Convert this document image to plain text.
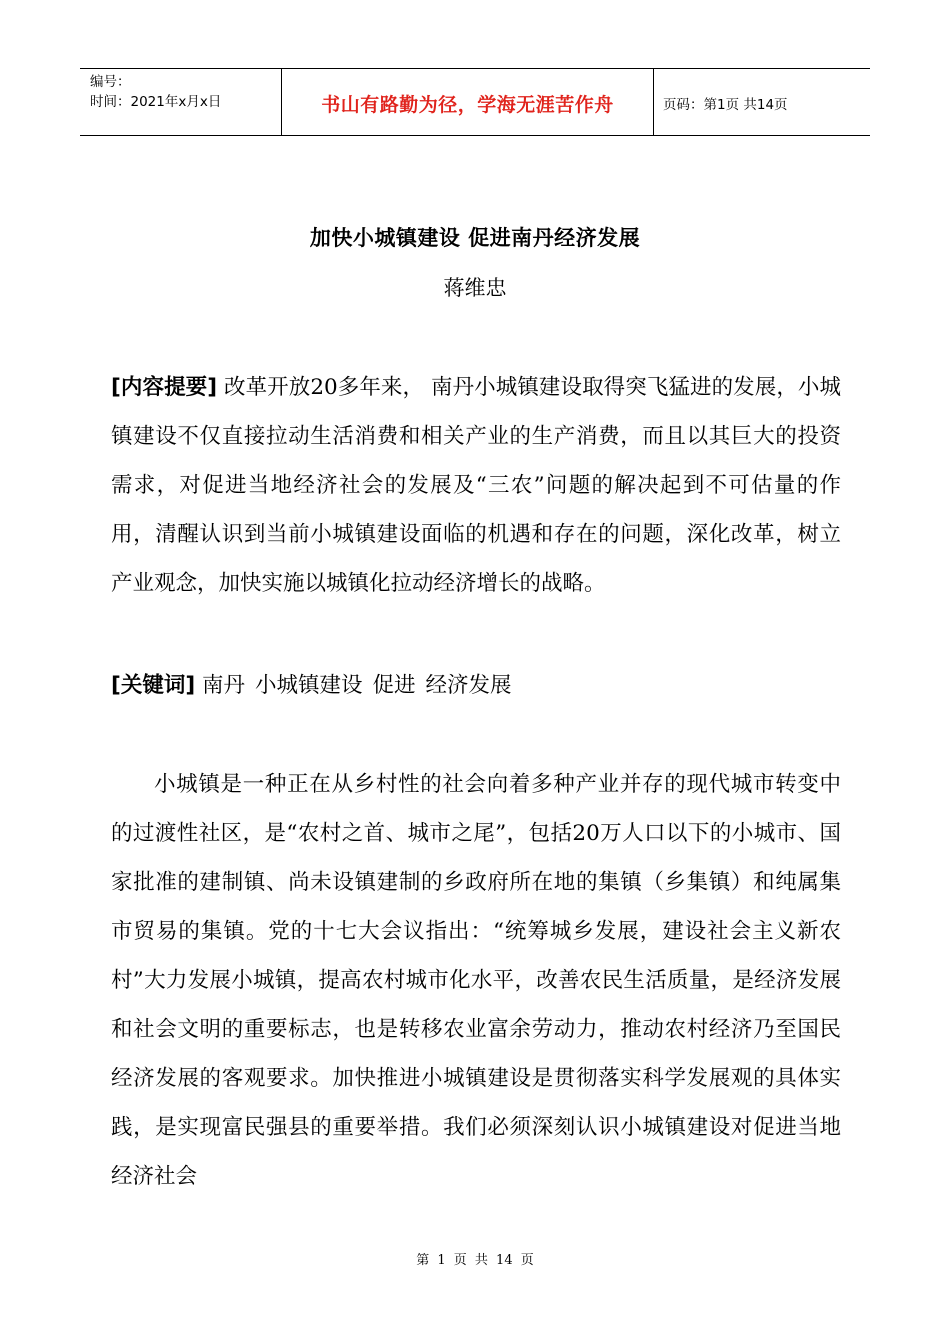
编号：
时间：2021年x月x日	书山有路勤为径，学海无涯苦作舟	页码：第1页 共14页
加快小城镇建设 促进南丹经济发展
蒋维忠
[内容提要] 改革开放20多年来， 南丹小城镇建设取得突飞猛进的发展，小城镇建设不仅直接拉动生活消费和相关产业的生产消费，而且以其巨大的投资需求，对促进当地经济社会的发展及“三农”问题的解决起到不可估量的作用，清醒认识到当前小城镇建设面临的机遇和存在的问题，深化改革，树立产业观念，加快实施以城镇化拉动经济增长的战略。
[关键词] 南丹 小城镇建设 促进 经济发展
小城镇是一种正在从乡村性的社会向着多种产业并存的现代城市转变中的过渡性社区，是“农村之首、城市之尾”，包括20万人口以下的小城市、国家批准的建制镇、尚未设镇建制的乡政府所在地的集镇（乡集镇）和纯属集市贸易的集镇。党的十七大会议指出：“统筹城乡发展，建设社会主义新农村”大力发展小城镇，提高农村城市化水平，改善农民生活质量，是经济发展和社会文明的重要标志，也是转移农业富余劳动力，推动农村经济乃至国民经济发展的客观要求。加快推进小城镇建设是贯彻落实科学发展观的具体实践，是实现富民强县的重要举措。我们必须深刻认识小城镇建设对促进当地经济社会
第 1 页 共 14 页
